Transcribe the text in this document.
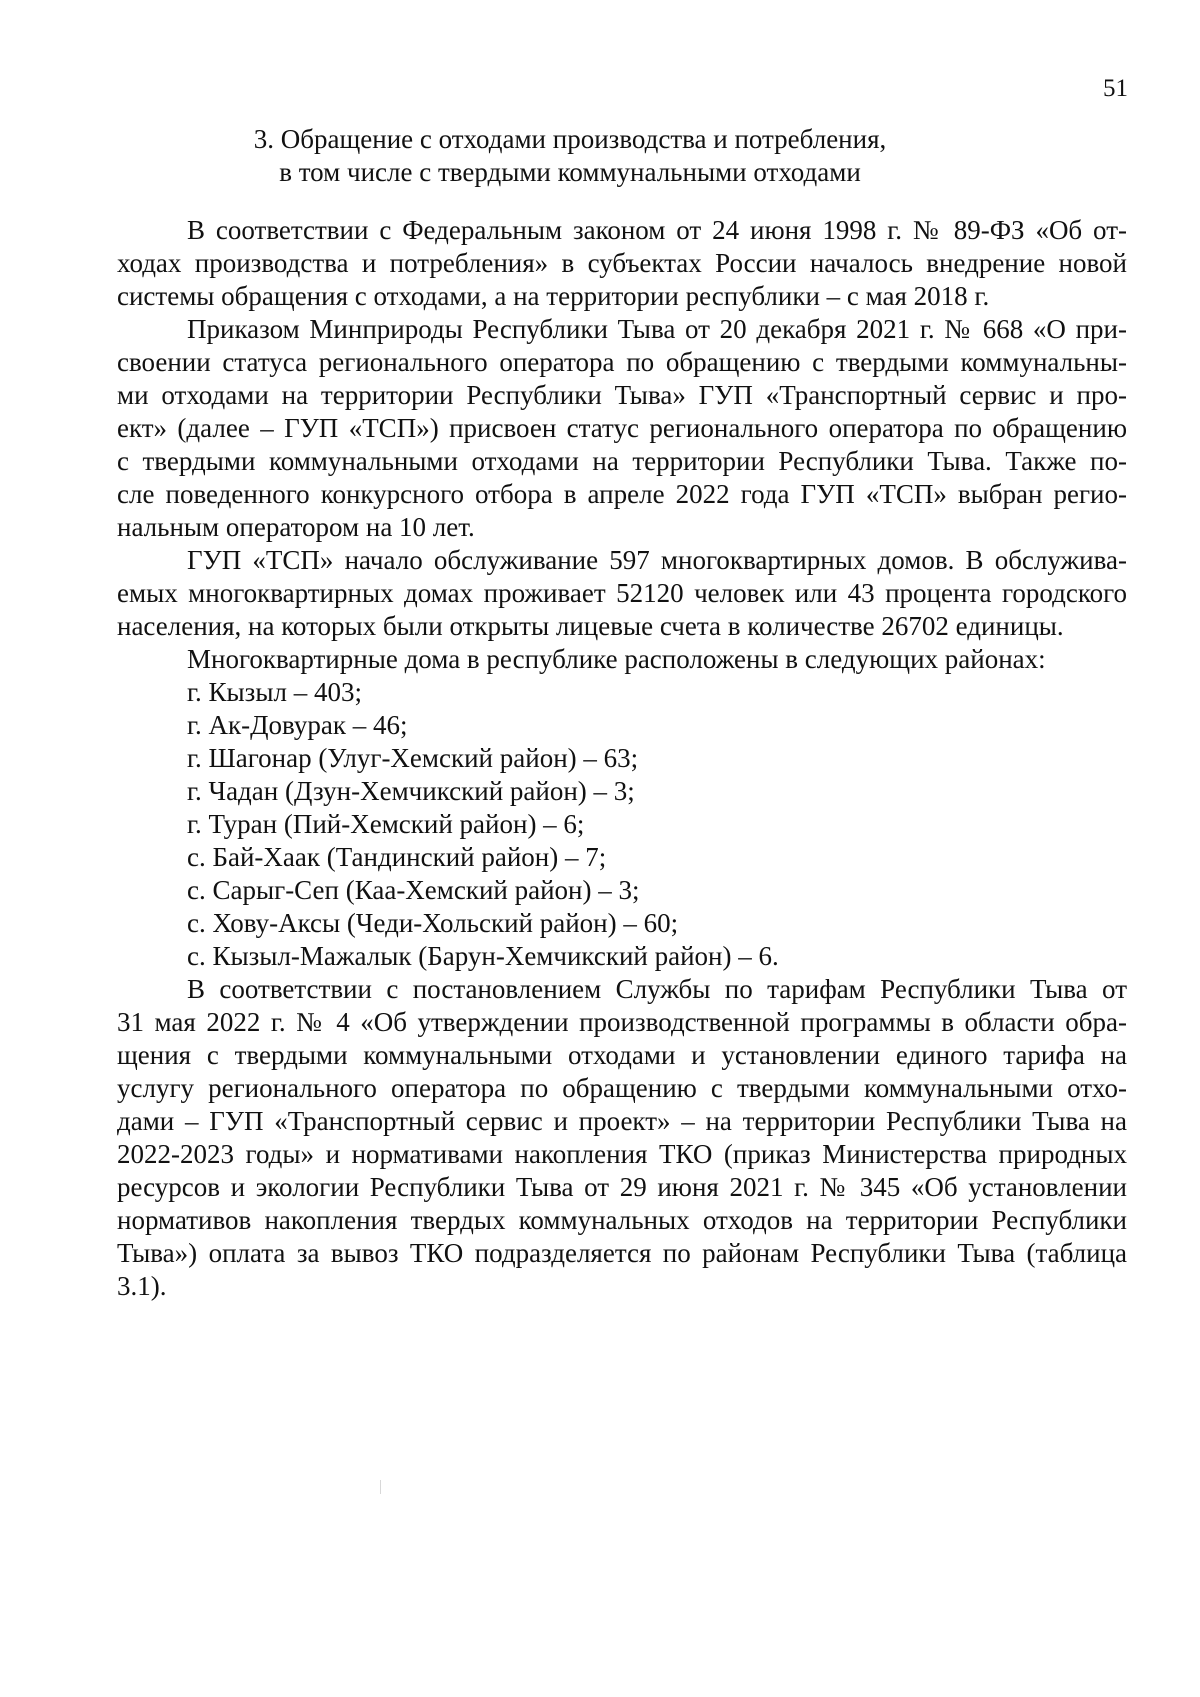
51
3. Обращение с отходами производства и потребления,
в том числе с твердыми коммунальными отходами

В соответствии с Федеральным законом от 24 июня 1998 г. № 89-ФЗ «Об от-
ходах производства и потребления» в субъектах России началось внедрение новой
системы обращения с отходами, а на территории республики – с мая 2018 г.

Приказом Минприроды Республики Тыва от 20 декабря 2021 г. № 668 «О при-
своении статуса регионального оператора по обращению с твердыми коммунальны-
ми отходами на территории Республики Тыва» ГУП «Транспортный сервис и про-
ект» (далее – ГУП «ТСП») присвоен статус регионального оператора по обращению
с твердыми коммунальными отходами на территории Республики Тыва. Также по-
сле поведенного конкурсного отбора в апреле 2022 года ГУП «ТСП» выбран регио-
нальным оператором на 10 лет.

ГУП «ТСП» начало обслуживание 597 многоквартирных домов. В обслужива-
емых многоквартирных домах проживает 52120 человек или 43 процента городского
населения, на которых были открыты лицевые счета в количестве 26702 единицы.

Многоквартирные дома в республике расположены в следующих районах:

г. Кызыл – 403;
г. Ак-Довурак – 46;
г. Шагонар (Улуг-Хемский район) – 63;
г. Чадан (Дзун-Хемчикский район) – 3;
г. Туран (Пий-Хемский район) – 6;
с. Бай-Хаак (Тандинский район) – 7;
с. Сарыг-Сеп (Каа-Хемский район) – 3;
с. Хову-Аксы (Чеди-Хольский район) – 60;
с. Кызыл-Мажалык (Барун-Хемчикский район) – 6.

В соответствии с постановлением Службы по тарифам Республики Тыва от
31 мая 2022 г. № 4 «Об утверждении производственной программы в области обра-
щения с твердыми коммунальными отходами и установлении единого тарифа на
услугу регионального оператора по обращению с твердыми коммунальными отхо-
дами – ГУП «Транспортный сервис и проект» – на территории Республики Тыва на
2022-2023 годы» и нормативами накопления ТКО (приказ Министерства природных
ресурсов и экологии Республики Тыва от 29 июня 2021 г. № 345 «Об установлении
нормативов накопления твердых коммунальных отходов на территории Республики
Тыва») оплата за вывоз ТКО подразделяется по районам Республики Тыва (таблица
3.1).
